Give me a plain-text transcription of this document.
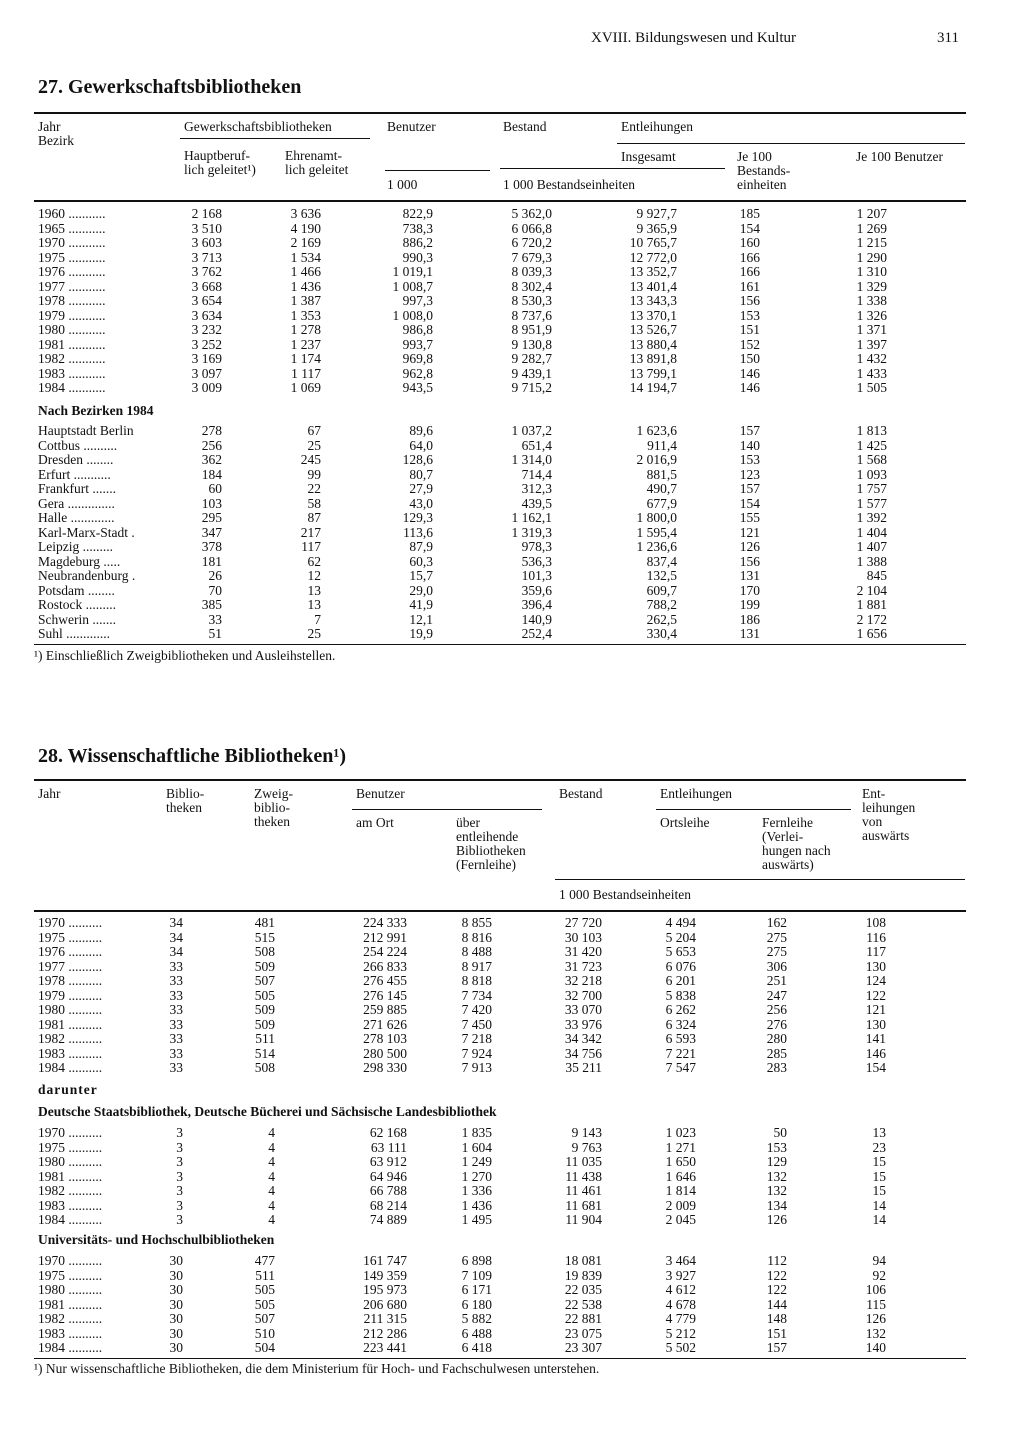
XVIII. Bildungswesen und Kultur	311
27. Gewerkschaftsbibliotheken
Jahr
Bezirk
Gewerkschaftsbibliotheken
Hauptberuf-
lich geleitet¹)
Ehrenamt-
lich geleitet
Benutzer	Bestand	Entleihungen
Insgesamt	Je 100
Bestands-
einheiten
Je 100 Benutzer
1 000	1 000 Bestandseinheiten
1960 ...........	2 168	3 636	822,9	5 362,0	9 927,7	185	1 207
1965 ...........	3 510	4 190	738,3	6 066,8	9 365,9	154	1 269
1970 ...........	3 603	2 169	886,2	6 720,2	10 765,7	160	1 215
1975 ...........	3 713	1 534	990,3	7 679,3	12 772,0	166	1 290
1976 ...........	3 762	1 466	1 019,1	8 039,3	13 352,7	166	1 310
1977 ...........	3 668	1 436	1 008,7	8 302,4	13 401,4	161	1 329
1978 ...........	3 654	1 387	997,3	8 530,3	13 343,3	156	1 338
1979 ...........	3 634	1 353	1 008,0	8 737,6	13 370,1	153	1 326
1980 ...........	3 232	1 278	986,8	8 951,9	13 526,7	151	1 371
1981 ...........	3 252	1 237	993,7	9 130,8	13 880,4	152	1 397
1982 ...........	3 169	1 174	969,8	9 282,7	13 891,8	150	1 432
1983 ...........	3 097	1 117	962,8	9 439,1	13 799,1	146	1 433
1984 ...........	3 009	1 069	943,5	9 715,2	14 194,7	146	1 505
Nach Bezirken 1984
Hauptstadt Berlin	278	67	89,6	1 037,2	1 623,6	157	1 813
Cottbus ..........	256	25	64,0	651,4	911,4	140	1 425
Dresden ........	362	245	128,6	1 314,0	2 016,9	153	1 568
Erfurt ...........	184	99	80,7	714,4	881,5	123	1 093
Frankfurt .......	60	22	27,9	312,3	490,7	157	1 757
Gera ..............	103	58	43,0	439,5	677,9	154	1 577
Halle .............	295	87	129,3	1 162,1	1 800,0	155	1 392
Karl-Marx-Stadt .	347	217	113,6	1 319,3	1 595,4	121	1 404
Leipzig .........	378	117	87,9	978,3	1 236,6	126	1 407
Magdeburg .....	181	62	60,3	536,3	837,4	156	1 388
Neubrandenburg .	26	12	15,7	101,3	132,5	131	845
Potsdam ........	70	13	29,0	359,6	609,7	170	2 104
Rostock .........	385	13	41,9	396,4	788,2	199	1 881
Schwerin .......	33	7	12,1	140,9	262,5	186	2 172
Suhl .............	51	25	19,9	252,4	330,4	131	1 656
¹) Einschließlich Zweigbibliotheken und Ausleihstellen.
28. Wissenschaftliche Bibliotheken¹)
Jahr	Biblio-
theken
Zweig-
biblio-
theken
Benutzer
am Ort	über
entleihende
Bibliotheken
(Fernleihe)
Bestand	Entleihungen
Ortsleihe	Fernleihe
(Verlei-
hungen nach
auswärts)
Ent-
leihungen
von
auswärts
1 000 Bestandseinheiten
1970 ..........	34	481	224 333	8 855	27 720	4 494	162	108
1975 ..........	34	515	212 991	8 816	30 103	5 204	275	116
1976 ..........	34	508	254 224	8 488	31 420	5 653	275	117
1977 ..........	33	509	266 833	8 917	31 723	6 076	306	130
1978 ..........	33	507	276 455	8 818	32 218	6 201	251	124
1979 ..........	33	505	276 145	7 734	32 700	5 838	247	122
1980 ..........	33	509	259 885	7 420	33 070	6 262	256	121
1981 ..........	33	509	271 626	7 450	33 976	6 324	276	130
1982 ..........	33	511	278 103	7 218	34 342	6 593	280	141
1983 ..........	33	514	280 500	7 924	34 756	7 221	285	146
1984 ..........	33	508	298 330	7 913	35 211	7 547	283	154
darunter
Deutsche Staatsbibliothek, Deutsche Bücherei und Sächsische Landesbibliothek
1970 ..........	3	4	62 168	1 835	9 143	1 023	50	13
1975 ..........	3	4	63 111	1 604	9 763	1 271	153	23
1980 ..........	3	4	63 912	1 249	11 035	1 650	129	15
1981 ..........	3	4	64 946	1 270	11 438	1 646	132	15
1982 ..........	3	4	66 788	1 336	11 461	1 814	132	15
1983 ..........	3	4	68 214	1 436	11 681	2 009	134	14
1984 ..........	3	4	74 889	1 495	11 904	2 045	126	14
Universitäts- und Hochschulbibliotheken
1970 ..........	30	477	161 747	6 898	18 081	3 464	112	94
1975 ..........	30	511	149 359	7 109	19 839	3 927	122	92
1980 ..........	30	505	195 973	6 171	22 035	4 612	122	106
1981 ..........	30	505	206 680	6 180	22 538	4 678	144	115
1982 ..........	30	507	211 315	5 882	22 881	4 779	148	126
1983 ..........	30	510	212 286	6 488	23 075	5 212	151	132
1984 ..........	30	504	223 441	6 418	23 307	5 502	157	140
¹) Nur wissenschaftliche Bibliotheken, die dem Ministerium für Hoch- und Fachschulwesen unterstehen.
